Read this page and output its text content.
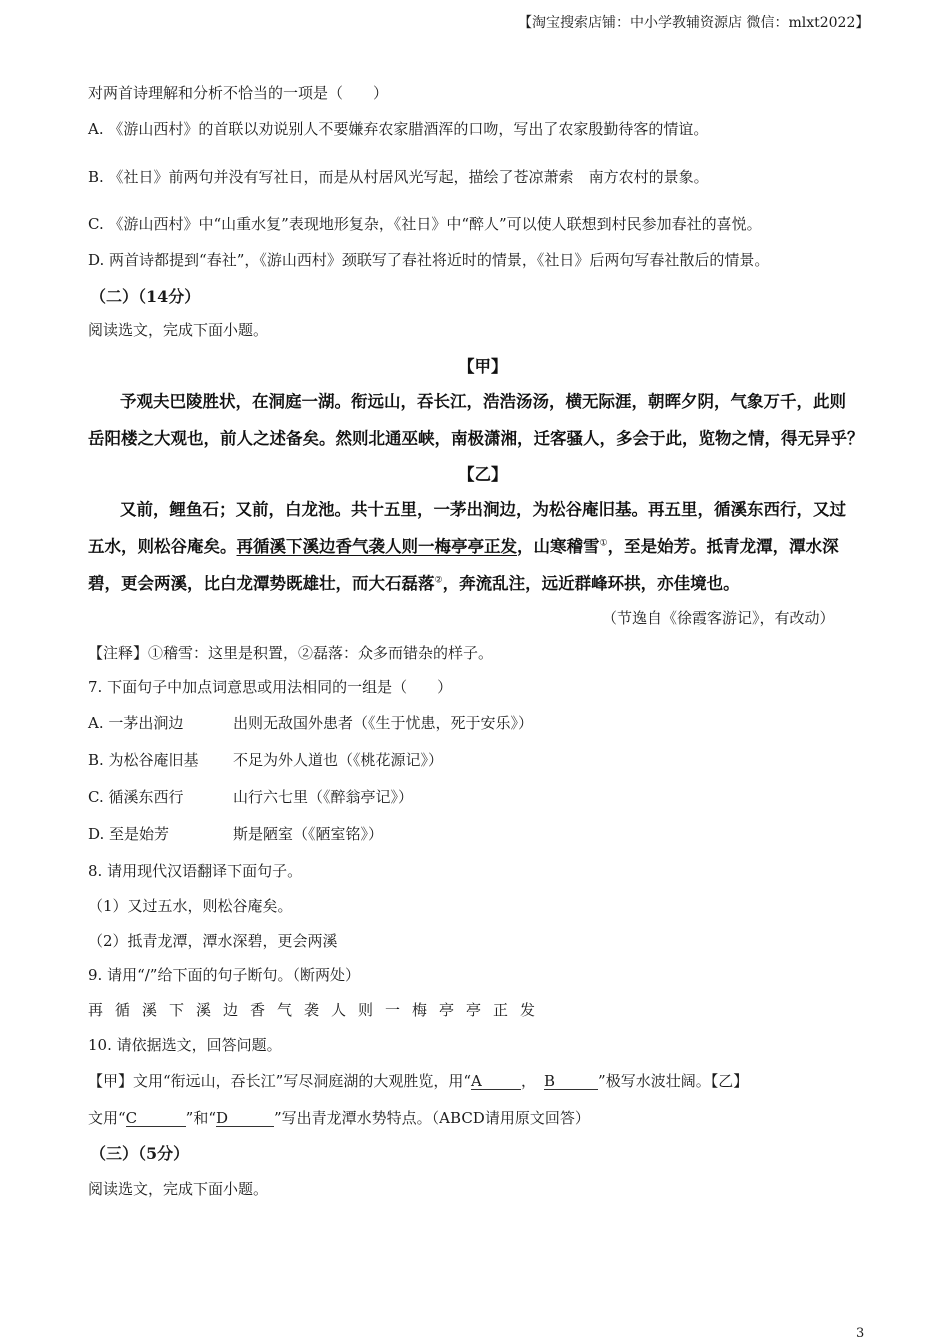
【淘宝搜索店铺：中小学教辅资源店 微信：mlxt2022】
对两首诗理解和分析不恰当的一项是（　　）
A. 《游山西村》的首联以劝说别人不要嫌弃农家腊酒浑的口吻，写出了农家殷勤待客的情谊。
B. 《社日》前两句并没有写社日，而是从村居风光写起，描绘了苍凉萧索　南方农村的景象。
C. 《游山西村》中“山重水复”表现地形复杂，《社日》中“醉人”可以使人联想到村民参加春社的喜悦。
D. 两首诗都提到“春社”，《游山西村》颈联写了春社将近时的情景，《社日》后两句写春社散后的情景。
（二）（14分）
阅读选文，完成下面小题。
【甲】
予观夫巴陵胜状，在洞庭一湖。衔远山，吞长江，浩浩汤汤，横无际涯，朝晖夕阴，气象万千，此则
岳阳楼之大观也，前人之述备矣。然则北通巫峡，南极潇湘，迁客骚人，多会于此，览物之情，得无异乎？
【乙】
又前，鲤鱼石；又前，白龙池。共十五里，一茅出涧边，为松谷庵旧基。再五里，循溪东西行，又过
五水，则松谷庵矣。再循溪下溪边香气袭人则一梅亭亭正发，山寒稽雪①，至是始芳。抵青龙潭，潭水深
碧，更会两溪，比白龙潭势既雄壮，而大石磊落②，奔流乱注，远近群峰环拱，亦佳境也。
（节逸自《徐霞客游记》，有改动）
【注释】①稽雪：这里是积置，②磊落：众多而错杂的样子。
7. 下面句子中加点词意思或用法相同的一组是（　　）
A. 一茅出涧边	出则无敌国外患者（《生于忧患，死于安乐》）
B. 为松谷庵旧基 不足为外人道也（《桃花源记》）
C. 循溪东西行	山行六七里（《醉翁亭记》）
D. 至是始芳	斯是陋室（《陋室铭》）
8. 请用现代汉语翻译下面句子。
（1）又过五水，则松谷庵矣。
（2）抵青龙潭，潭水深碧，更会两溪
9. 请用“/”给下面的句子断句。（断两处）
再循溪下溪边香气袭人则一梅亭亭正发
10. 请依据选文，回答问题。
【甲】文用“衔远山，吞长江”写尽洞庭湖的大观胜览，用“A	， B	”极写水波壮阔。【乙】
文用“C	”和“D	”写出青龙潭水势特点。（ABCD请用原文回答）
（三）（5分）
阅读选文，完成下面小题。
3
